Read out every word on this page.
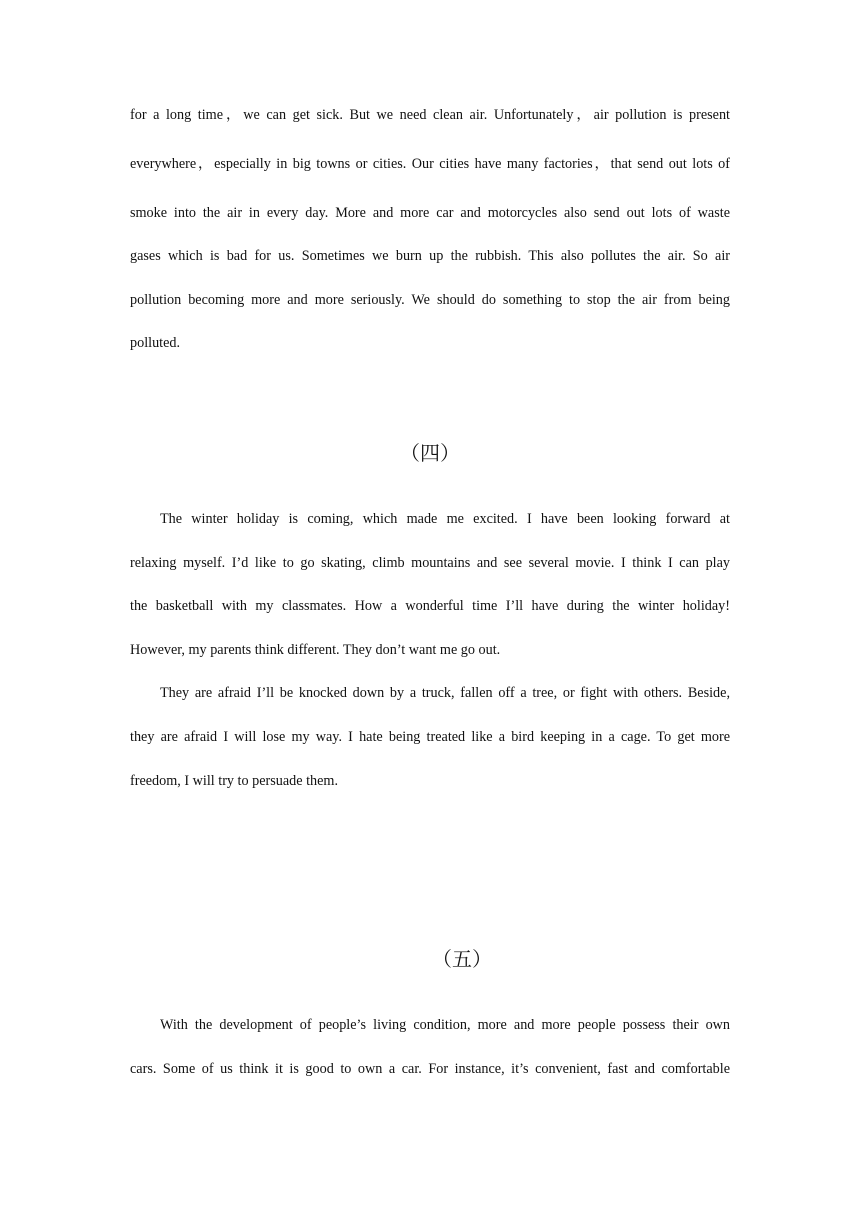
for a long time，we can get sick. But we need clean air. Unfortunately，air pollution is present
everywhere，especially in big towns or cities. Our cities have many factories，that send out lots of
smoke into the air in every day. More and more car and motorcycles also send out lots of waste
gases which is bad for us. Sometimes we burn up the rubbish. This also pollutes the air. So air
pollution becoming more and more seriously. We should do something to stop the air from being
polluted.
（四）
The winter holiday is coming, which made me excited. I have been looking forward at
relaxing myself. I’d like to go skating, climb mountains and see several movie. I think I can play
the basketball with my classmates. How a wonderful time I’ll have during the winter holiday!
However, my parents think different. They don’t want me go out.
They are afraid I’ll be knocked down by a truck, fallen off a tree, or fight with others. Beside,
they are afraid I will lose my way. I hate being treated like a bird keeping in a cage. To get more
freedom, I will try to persuade them.
（五）
With the development of people’s living condition, more and more people possess their own
cars. Some of us think it is good to own a car. For instance, it’s convenient, fast and comfortable
